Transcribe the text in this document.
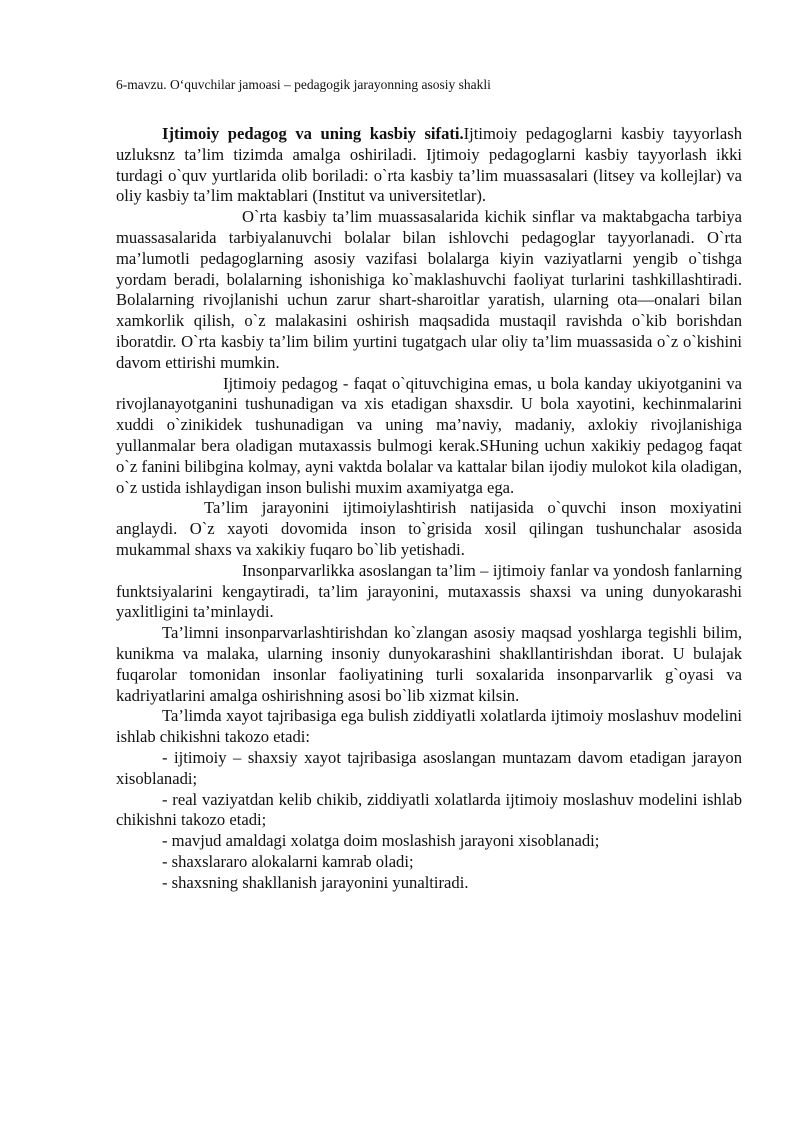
6-mavzu. O‘quvchilar jamoasi – pedagogik jarayonning asosiy shakli

Ijtimoiy pedagog va uning kasbiy sifati.Ijtimoiy pedagoglarni kasbiy tayyorlash uzluksnz ta’lim tizimda amalga oshiriladi. Ijtimoiy pedagoglarni kasbiy tayyorlash ikki turdagi o`quv yurtlarida olib boriladi: o`rta kasbiy ta’lim muassasalari (litsey va kollejlar) va oliy kasbiy ta’lim maktablari (Institut va universitetlar).

O`rta kasbiy ta’lim muassasalarida kichik sinflar va maktabgacha tarbiya muassasalarida tarbiyalanuvchi bolalar bilan ishlovchi pedagoglar tayyorlanadi. O`rta ma’lumotli pedagoglarning asosiy vazifasi bolalarga kiyin vaziyatlarni yengib o`tishga yordam beradi, bolalarning ishonishiga ko`maklashuvchi faoliyat turlarini tashkillashtiradi. Bolalarning rivojlanishi uchun zarur shart-sharoitlar yaratish, ularning ota—onalari bilan xamkorlik qilish, o`z malakasini oshirish maqsadida mustaqil ravishda o`kib borishdan iboratdir. O`rta kasbiy ta’lim bilim yurtini tugatgach ular oliy ta’lim muassasida o`z o`kishini davom ettirishi mumkin.

Ijtimoiy pedagog - faqat o`qituvchigina emas, u bola kanday ukiyotganini va rivojlanayotganini tushunadigan va xis etadigan shaxsdir. U bola xayotini, kechinmalarini xuddi o`zinikidek tushunadigan va uning ma’naviy, madaniy, axlokiy rivojlanishiga yullanmalar bera oladigan mutaxassis bulmogi kerak.SHuning uchun xakikiy pedagog faqat o`z fanini bilibgina kolmay, ayni vaktda bolalar va kattalar bilan ijodiy mulokot kila oladigan, o`z ustida ishlaydigan inson bulishi muxim axamiyatga ega.

Ta’lim jarayonini ijtimoiylashtirish natijasida o`quvchi inson moxiyatini anglaydi. O`z xayoti dovomida inson to`grisida xosil qilingan tushunchalar asosida mukammal shaxs va xakikiy fuqaro bo`lib yetishadi.

Insonparvarlikka asoslangan ta’lim – ijtimoiy fanlar va yondosh fanlarning funktsiyalarini kengaytiradi, ta’lim jarayonini, mutaxassis shaxsi va uning dunyokarashi yaxlitligini ta’minlaydi.

Ta’limni insonparvarlashtirishdan ko`zlangan asosiy maqsad yoshlarga tegishli bilim, kunikma va malaka, ularning insoniy dunyokarashini shakllantirishdan iborat. U bulajak fuqarolar tomonidan insonlar faoliyatining turli soxalarida insonparvarlik g`oyasi va kadriyatlarini amalga oshirishning asosi bo`lib xizmat kilsin.

Ta’limda xayot tajribasiga ega bulish ziddiyatli xolatlarda ijtimoiy moslashuv modelini ishlab chikishni takozo etadi:

- ijtimoiy – shaxsiy xayot tajribasiga asoslangan muntazam davom etadigan jarayon xisoblanadi;

- real vaziyatdan kelib chikib, ziddiyatli xolatlarda ijtimoiy moslashuv modelini ishlab chikishni takozo etadi;

- mavjud amaldagi xolatga doim moslashish jarayoni xisoblanadi;

- shaxslararo alokalarni kamrab oladi;

- shaxsning shakllanish jarayonini yunaltiradi.
